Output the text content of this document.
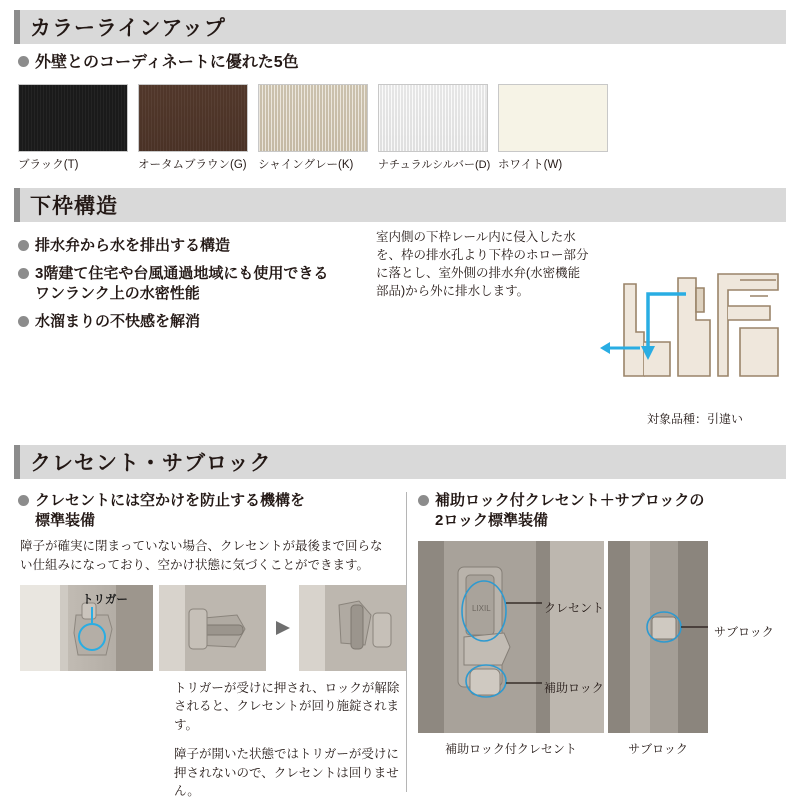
カラーラインアップ
外壁とのコーディネートに優れた5色
ブラック(T)	オータムブラウン(G) シャイングレー(K)	ナチュラルシルバー(D) ホワイト(W)
下枠構造
排水弁から水を排出する構造
3階建て住宅や台風通過地域にも使用できる
ワンランク上の水密性能
水溜まりの不快感を解消
室内側の下枠レール内に侵入した水を、枠の排水孔より下枠のホロー部分に落とし、室外側の排水弁(水密機能部品)から外に排水します。
対象品種：引違い
クレセント・サブロック
クレセントには空かけを防止する機構を
標準装備
障子が確実に閉まっていない場合、クレセントが最後まで回らない仕組みになっており、空かけ状態に気づくことができます。
トリガー
トリガーが受けに押され、ロックが解除されると、クレセントが回り施錠されます。
障子が開いた状態ではトリガーが受けに押されないので、クレセントは回りません。
補助ロック付クレセント＋サブロックの
2ロック標準装備
LIXIL	クレセント
補助ロック
サブロック
補助ロック付クレセント	サブロック
